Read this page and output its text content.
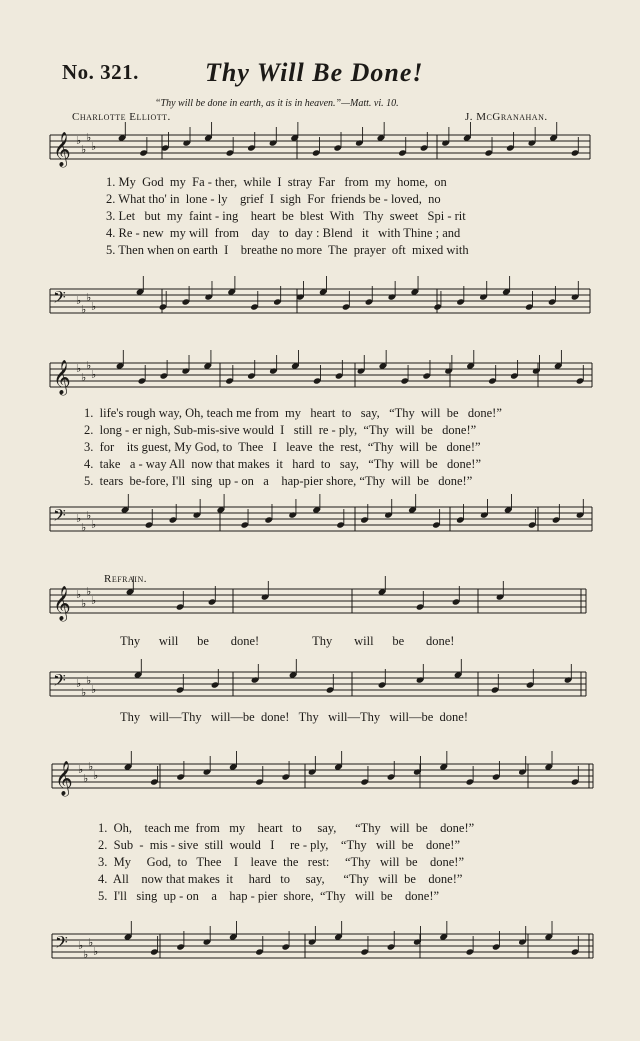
No. 321.	Thy Will Be Done!
“Thy will be done in earth, as it is in heaven.”—Matt. vi. 10.
Charlotte Elliott.	J. McGranahan.
𝄞 ♭
♭
♭
♭
𝄢 ♭
♭
♭
♭
𝄞 ♭
♭
♭
♭
𝄢 ♭
♭
♭
♭
𝄞 ♭
♭
♭
♭
𝄢 ♭
♭
♭
♭
𝄞 ♭
♭
♭
♭
𝄢 ♭
♭
♭
♭

1. My  God  my  Fa - ther,  while  I  stray  Far   from  my  home,  on

2. What tho' in  lone - ly    grief  I  sigh  For  friends be - loved,  no

3. Let   but  my  faint - ing    heart  be  blest  With   Thy  sweet   Spi - rit

4. Re - new  my will  from    day   to  day : Blend   it   with Thine ; and

5. Then when on earth  I    breathe no more  The  prayer  oft  mixed with

1.  life's rough way, Oh, teach me from  my   heart  to   say,   “Thy  will  be   done!”

2.  long - er nigh, Sub-mis-sive would  I   still  re - ply,  “Thy  will  be   done!”

3.  for    its guest, My God, to  Thee   I   leave  the  rest,  “Thy  will  be   done!”

4.  take   a - way All  now that makes  it   hard  to   say,   “Thy  will  be   done!”

5.  tears  be-fore, I'll  sing  up - on   a    hap-pier shore, “Thy  will  be   done!”

Refrain.
Thy      will      be       done!                 Thy       will      be       done!
Thy   will—Thy   will—be  done!   Thy   will—Thy   will—be  done!

1.  Oh,    teach me  from   my    heart   to     say,      “Thy   will  be    done!”

2.  Sub  -  mis - sive  still  would   I     re - ply,    “Thy   will  be    done!”

3.  My     God,  to   Thee    I    leave  the   rest:     “Thy   will  be    done!”

4.  All    now that makes  it     hard   to     say,      “Thy   will  be    done!”

5.  I'll   sing  up - on    a    hap - pier  shore,  “Thy   will  be    done!”
